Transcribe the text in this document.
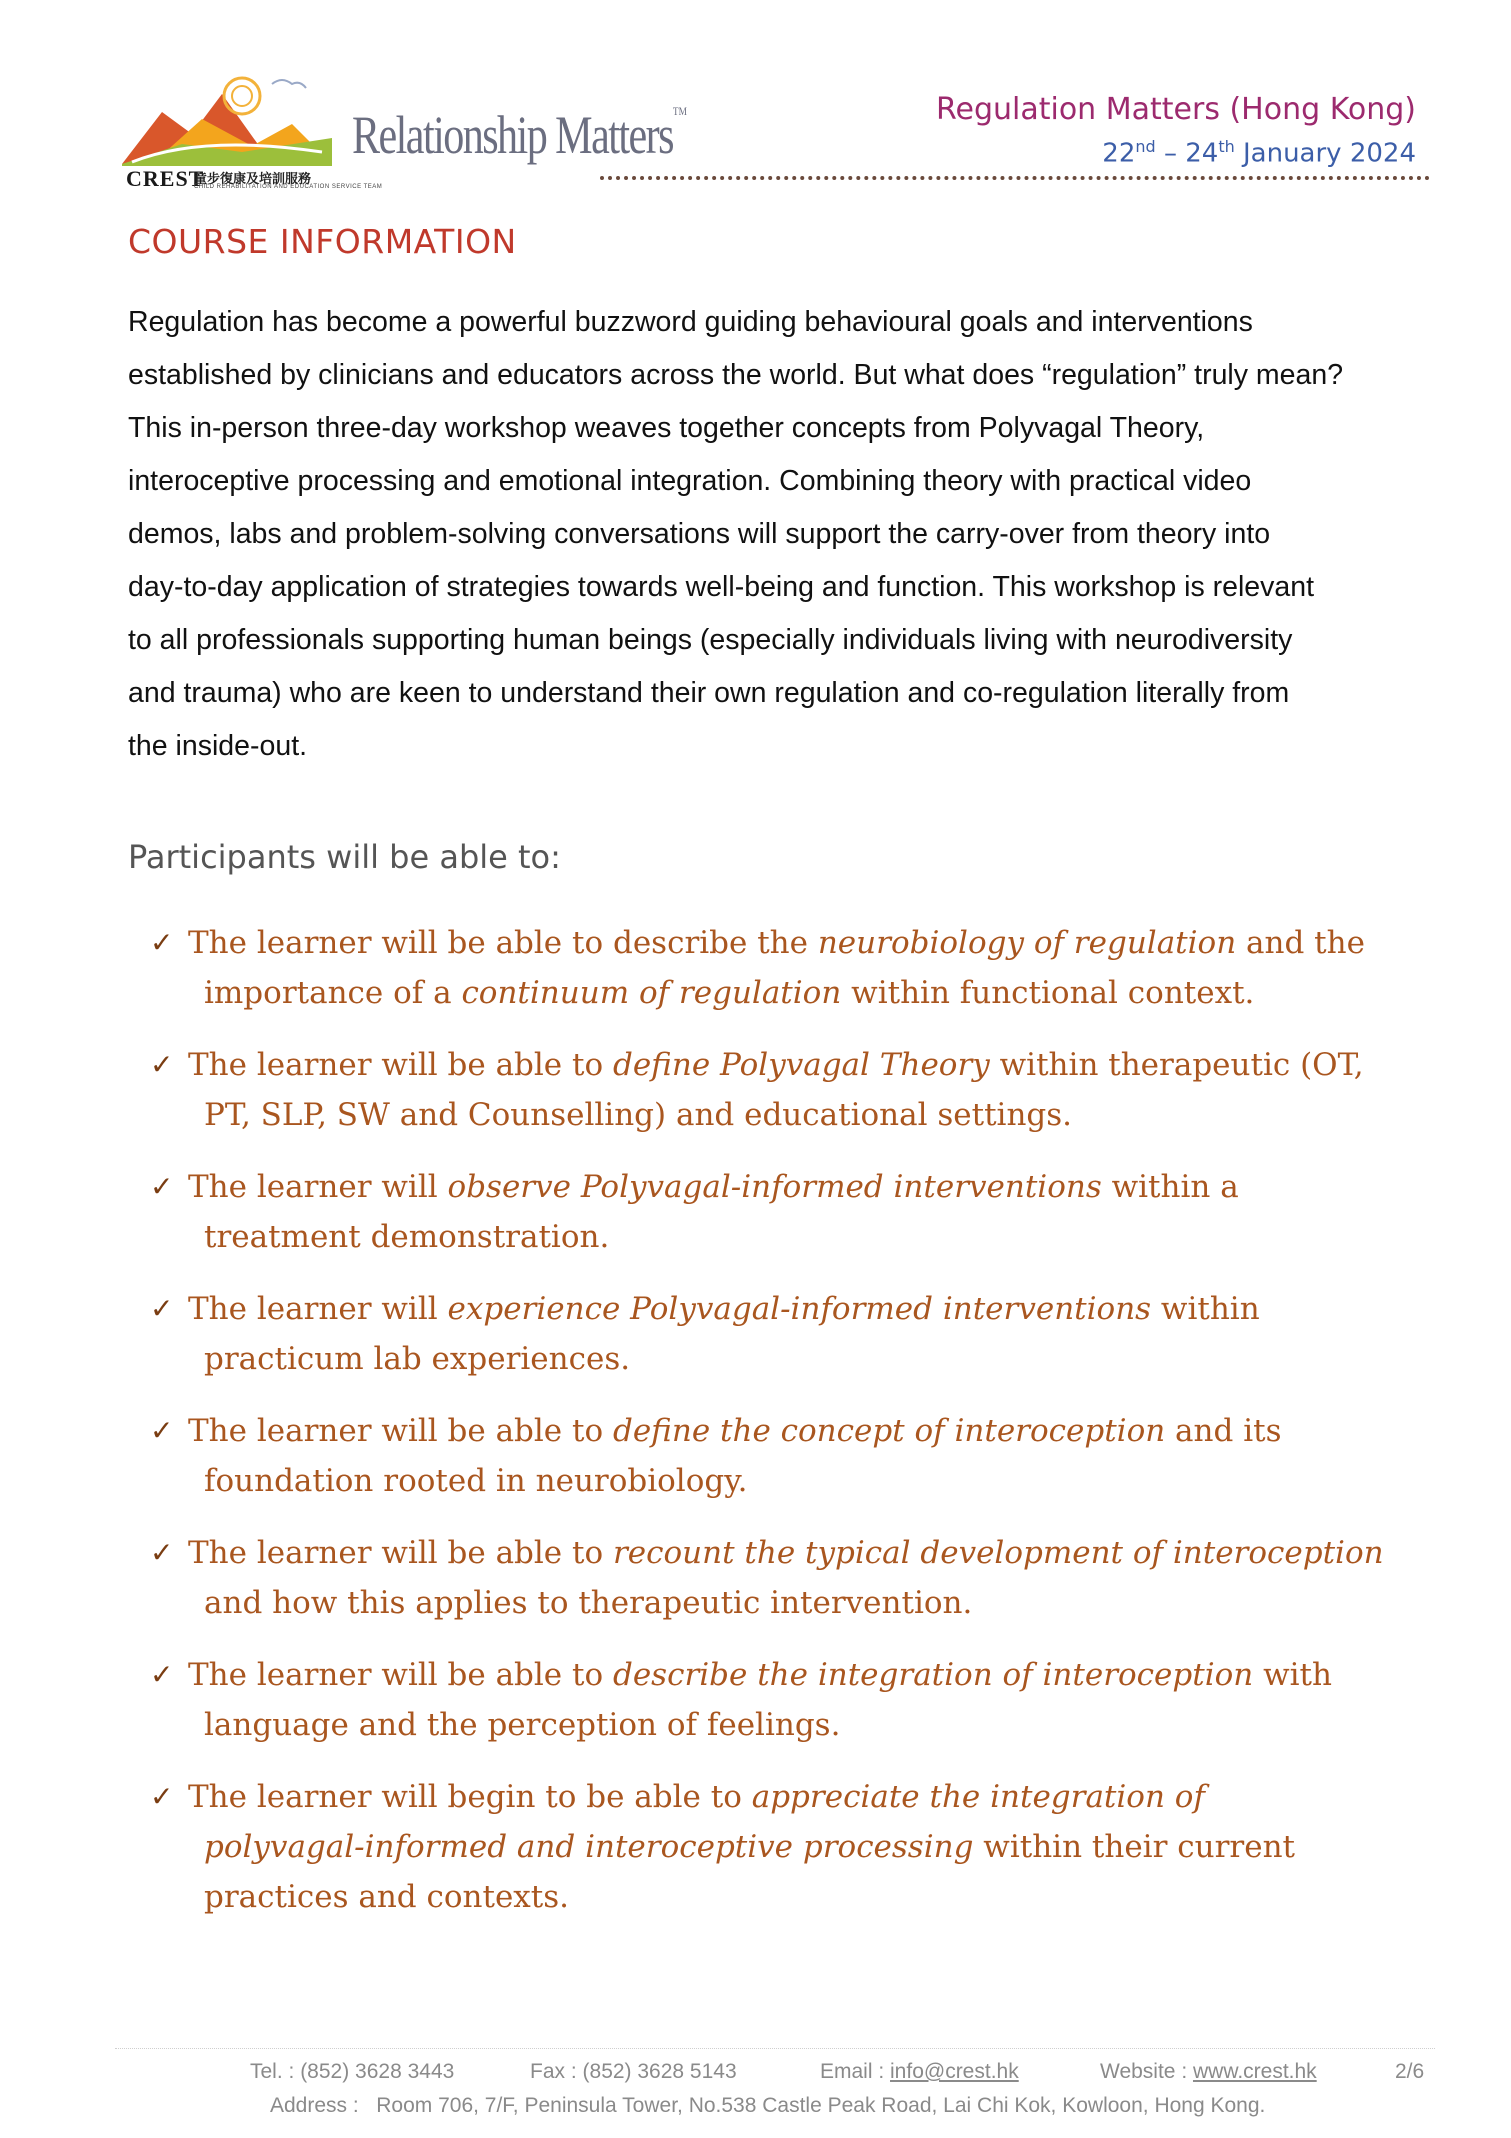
CREST
童步復康及培訓服務
CHILD REHABILITATION AND EDUCATION SERVICE TEAM
Relationship Matters™	Regulation Matters (Hong Kong)
22nd – 24th January 2024
COURSE INFORMATION
Regulation has become a powerful buzzword guiding behavioural goals and interventions
established by clinicians and educators across the world. But what does “regulation” truly mean?
This in-person three-day workshop weaves together concepts from Polyvagal Theory,
interoceptive processing and emotional integration. Combining theory with practical video
demos, labs and problem-solving conversations will support the carry-over from theory into
day-to-day application of strategies towards well-being and function. This workshop is relevant
to all professionals supporting human beings (especially individuals living with neurodiversity
and trauma) who are keen to understand their own regulation and co-regulation literally from
the inside-out.
Participants will be able to:
✓ The learner will be able to describe the neurobiology of regulation and the
importance of a continuum of regulation within functional context.
✓ The learner will be able to define Polyvagal Theory within therapeutic (OT,
PT, SLP, SW and Counselling) and educational settings.
✓ The learner will observe Polyvagal-informed interventions within a
treatment demonstration.
✓ The learner will experience Polyvagal-informed interventions within
practicum lab experiences.
✓ The learner will be able to define the concept of interoception and its
foundation rooted in neurobiology.
✓ The learner will be able to recount the typical development of interoception
and how this applies to therapeutic intervention.
✓ The learner will be able to describe the integration of interoception with
language and the perception of feelings.
✓ The learner will begin to be able to appreciate the integration of
polyvagal-informed and interoceptive processing within their current
practices and contexts.
Tel. : (852) 3628 3443	Fax : (852) 3628 5143	Email : info@crest.hk	Website : www.crest.hk	2/6
Address : Room 706, 7/F, Peninsula Tower, No.538 Castle Peak Road, Lai Chi Kok, Kowloon, Hong Kong.
